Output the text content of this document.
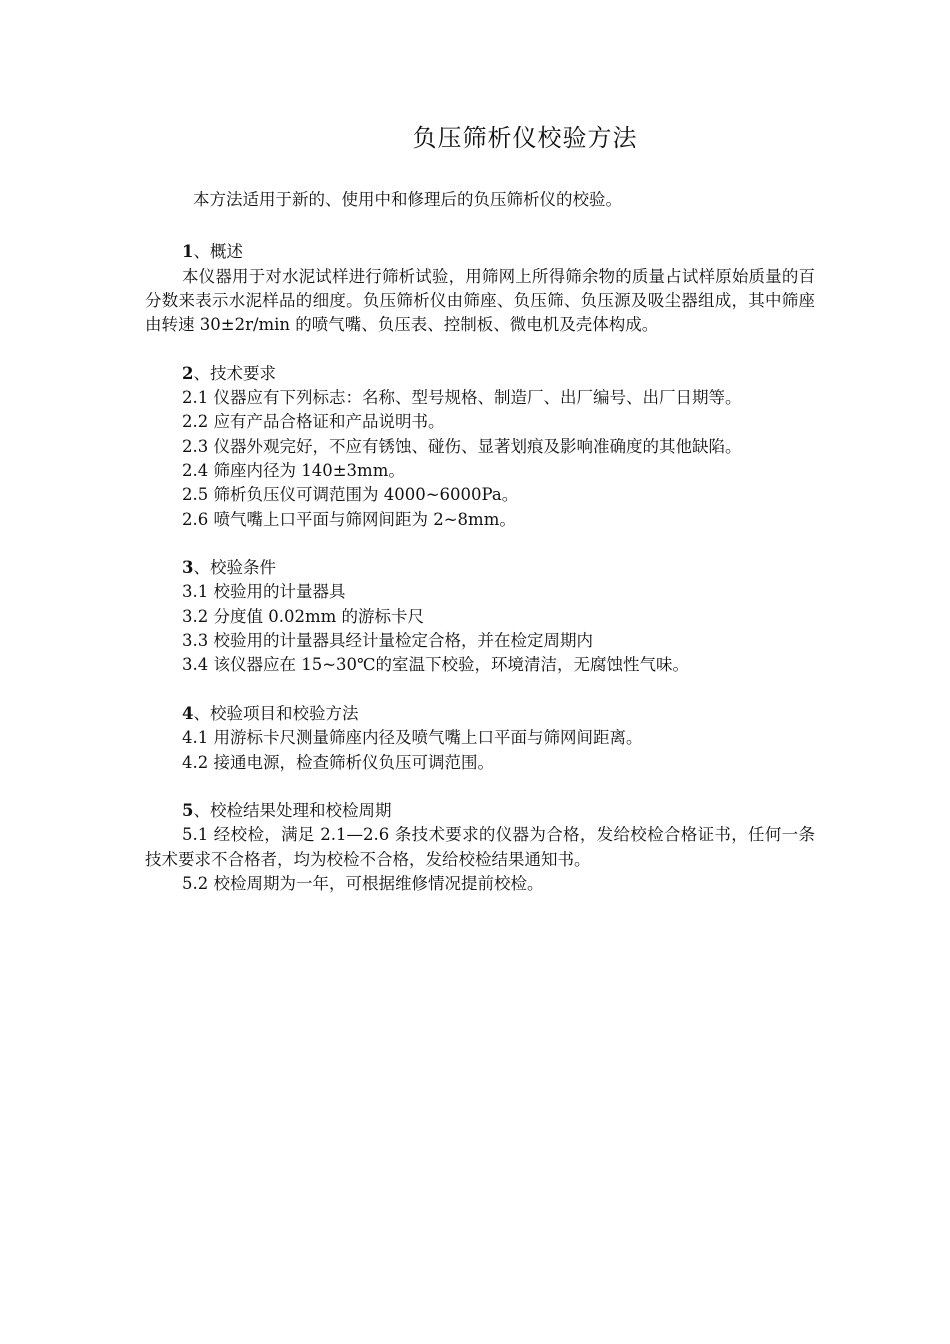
负压筛析仪校验方法

本方法适用于新的、使用中和修理后的负压筛析仪的校验。

1、概述

本仪器用于对水泥试样进行筛析试验，用筛网上所得筛余物的质量占试样原始质量的百分数来表示水泥样品的细度。负压筛析仪由筛座、负压筛、负压源及吸尘器组成，其中筛座由转速 30±2r/min 的喷气嘴、负压表、控制板、微电机及壳体构成。

2、技术要求

2.1 仪器应有下列标志：名称、型号规格、制造厂、出厂编号、出厂日期等。

2.2 应有产品合格证和产品说明书。

2.3 仪器外观完好，不应有锈蚀、碰伤、显著划痕及影响准确度的其他缺陷。

2.4 筛座内径为 140±3mm。

2.5 筛析负压仪可调范围为 4000~6000Pa。

2.6 喷气嘴上口平面与筛网间距为 2~8mm。

3、校验条件

3.1 校验用的计量器具

3.2 分度值 0.02mm 的游标卡尺

3.3 校验用的计量器具经计量检定合格，并在检定周期内

3.4 该仪器应在 15~30℃的室温下校验，环境清洁，无腐蚀性气味。

4、校验项目和校验方法

4.1 用游标卡尺测量筛座内径及喷气嘴上口平面与筛网间距离。

4.2 接通电源，检查筛析仪负压可调范围。

5、校检结果处理和校检周期

5.1 经校检，满足 2.1—2.6 条技术要求的仪器为合格，发给校检合格证书，任何一条技术要求不合格者，均为校检不合格，发给校检结果通知书。

5.2 校检周期为一年，可根据维修情况提前校检。
